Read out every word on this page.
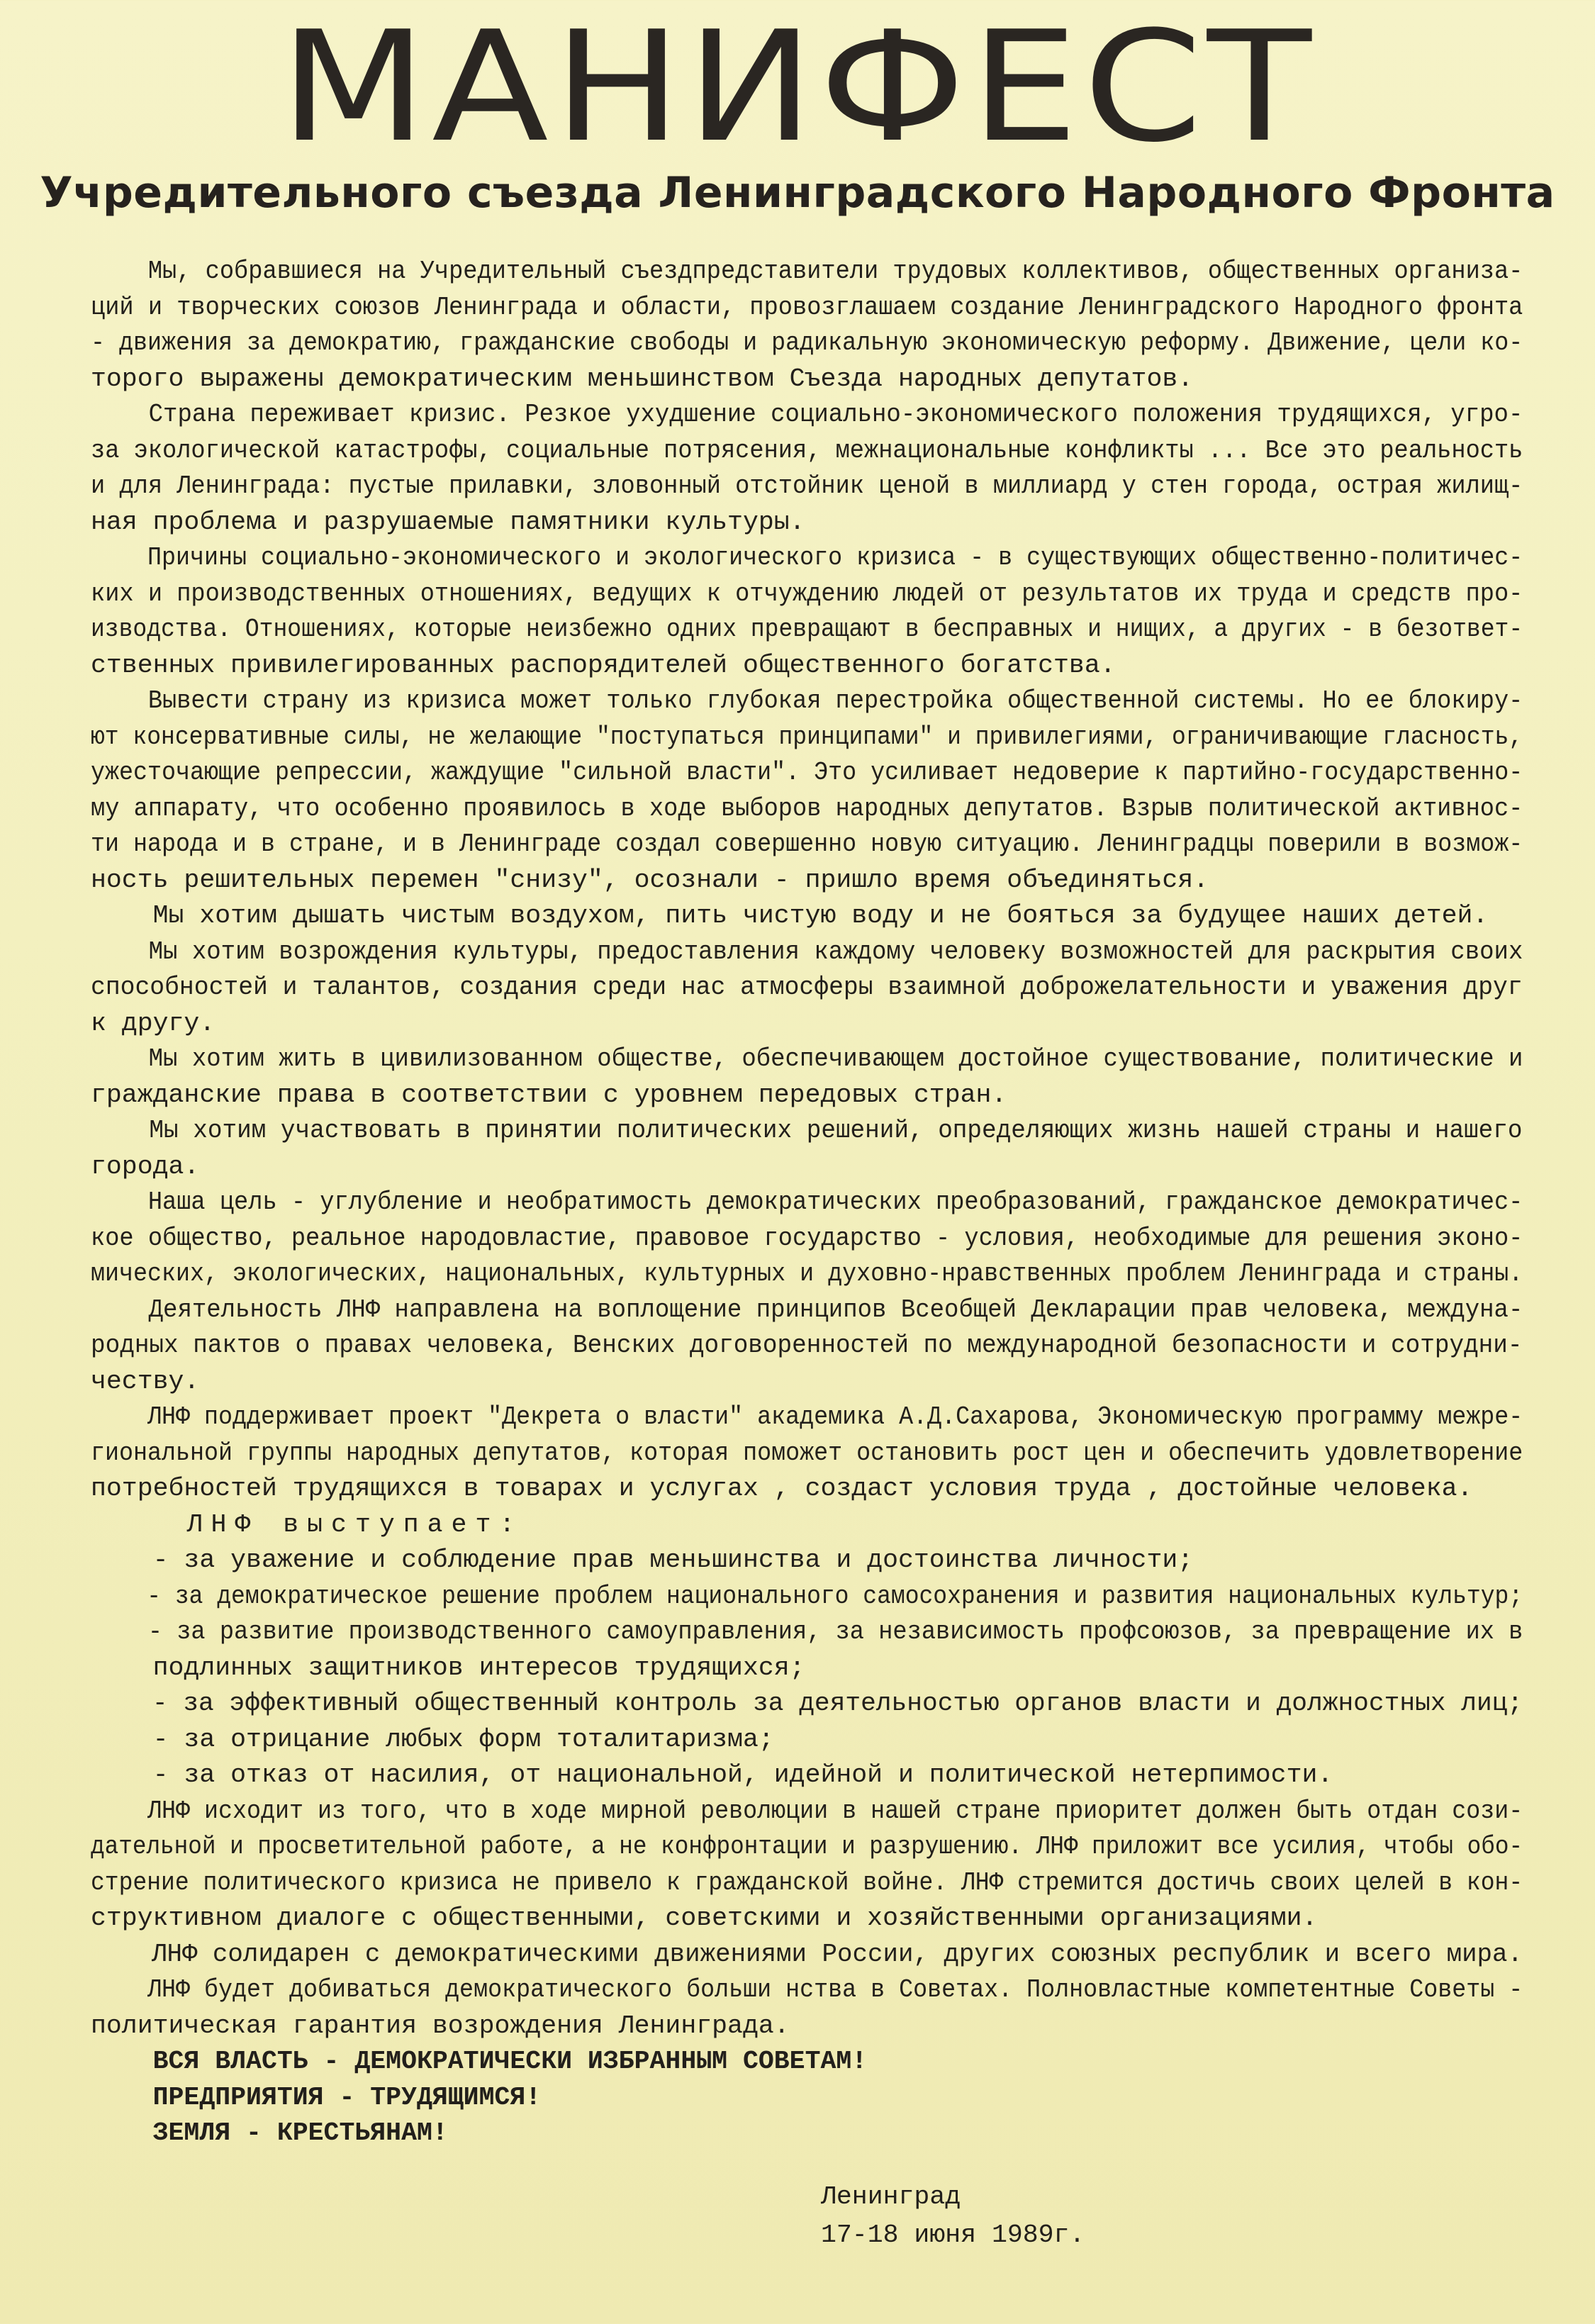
МАНИФЕСТ
Учредительного съезда Ленинградского Народного Фронта
Мы, собравшиеся на Учредительный съездпредставители трудовых коллективов, общественных организа-
ций и творческих союзов Ленинграда и области, провозглашаем создание Ленинградского Народного фронта
- движения за демократию, гражданские свободы и радикальную экономическую реформу. Движение, цели ко-
торого выражены демократическим меньшинством Съезда народных депутатов.
Страна переживает кризис. Резкое ухудшение социально-экономического положения трудящихся, угро-
за экологической катастрофы, социальные потрясения, межнациональные конфликты ... Все это реальность
и для Ленинграда: пустые прилавки, зловонный отстойник ценой в миллиард у стен города, острая жилищ-
ная проблема и разрушаемые памятники культуры.
Причины социально-экономического и экологического кризиса - в существующих общественно-политичес-
ких и производственных отношениях, ведущих к отчуждению людей от результатов их труда и средств про-
изводства. Отношениях, которые неизбежно одних превращают в бесправных и нищих, а других - в безответ-
ственных привилегированных распорядителей общественного богатства.
Вывести страну из кризиса может только глубокая перестройка общественной системы. Но ее блокиру-
ют консервативные силы, не желающие "поступаться принципами" и привилегиями, ограничивающие гласность,
ужесточающие репрессии, жаждущие "сильной власти". Это усиливает недоверие к партийно-государственно-
му аппарату, что особенно проявилось в ходе выборов народных депутатов. Взрыв политической активнос-
ти народа и в стране, и в Ленинграде создал совершенно новую ситуацию. Ленинградцы поверили в возмож-
ность решительных перемен "снизу", осознали - пришло время объединяться.
Мы хотим дышать чистым воздухом, пить чистую воду и не бояться за будущее наших детей.
Мы хотим возрождения культуры, предоставления каждому человеку возможностей для раскрытия своих
способностей и талантов, создания среди нас атмосферы взаимной доброжелательности и уважения друг
к другу.
Мы хотим жить в цивилизованном обществе, обеспечивающем достойное существование, политические и
гражданские права в соответствии с уровнем передовых стран.
Мы хотим участвовать в принятии политических решений, определяющих жизнь нашей страны и нашего
города.
Наша цель - углубление и необратимость демократических преобразований, гражданское демократичес-
кое общество, реальное народовластие, правовое государство - условия, необходимые для решения эконо-
мических, экологических, национальных, культурных и духовно-нравственных проблем Ленинграда и страны.
Деятельность ЛНФ направлена на воплощение принципов Всеобщей Декларации прав человека, междуна-
родных пактов о правах человека, Венских договоренностей по международной безопасности и сотрудни-
честву.
ЛНФ поддерживает проект "Декрета о власти" академика А.Д.Сахарова, Экономическую программу межре-
гиональной группы народных депутатов, которая поможет остановить рост цен и обеспечить удовлетворение
потребностей трудящихся в товарах и услугах , создаст условия труда , достойные человека.
ЛНФ выступает:
- за уважение и соблюдение прав меньшинства и достоинства личности;
- за демократическое решение проблем национального самосохранения и развития национальных культур;
- за развитие производственного самоуправления, за независимость профсоюзов, за превращение их в
подлинных защитников интересов трудящихся;
- за эффективный общественный контроль за деятельностью органов власти и должностных лиц;
- за отрицание любых форм тоталитаризма;
- за отказ от насилия, от национальной, идейной и политической нетерпимости.
ЛНФ исходит из того, что в ходе мирной революции в нашей стране приоритет должен быть отдан сози-
дательной и просветительной работе, а не конфронтации и разрушению. ЛНФ приложит все усилия, чтобы обо-
стрение политического кризиса не привело к гражданской войне. ЛНФ стремится достичь своих целей в кон-
структивном диалоге с общественными, советскими и хозяйственными организациями.
ЛНФ солидарен с демократическими движениями России, других союзных республик и всего мира.
ЛНФ будет добиваться демократического больши нства в Советах. Полновластные компетентные Советы -
политическая гарантия возрождения Ленинграда.
ВСЯ ВЛАСТЬ - ДЕМОКРАТИЧЕСКИ ИЗБРАННЫМ СОВЕТАМ!
ПРЕДПРИЯТИЯ - ТРУДЯЩИМСЯ!
ЗЕМЛЯ - КРЕСТЬЯНАМ!
Ленинград
17-18 июня 1989г.
